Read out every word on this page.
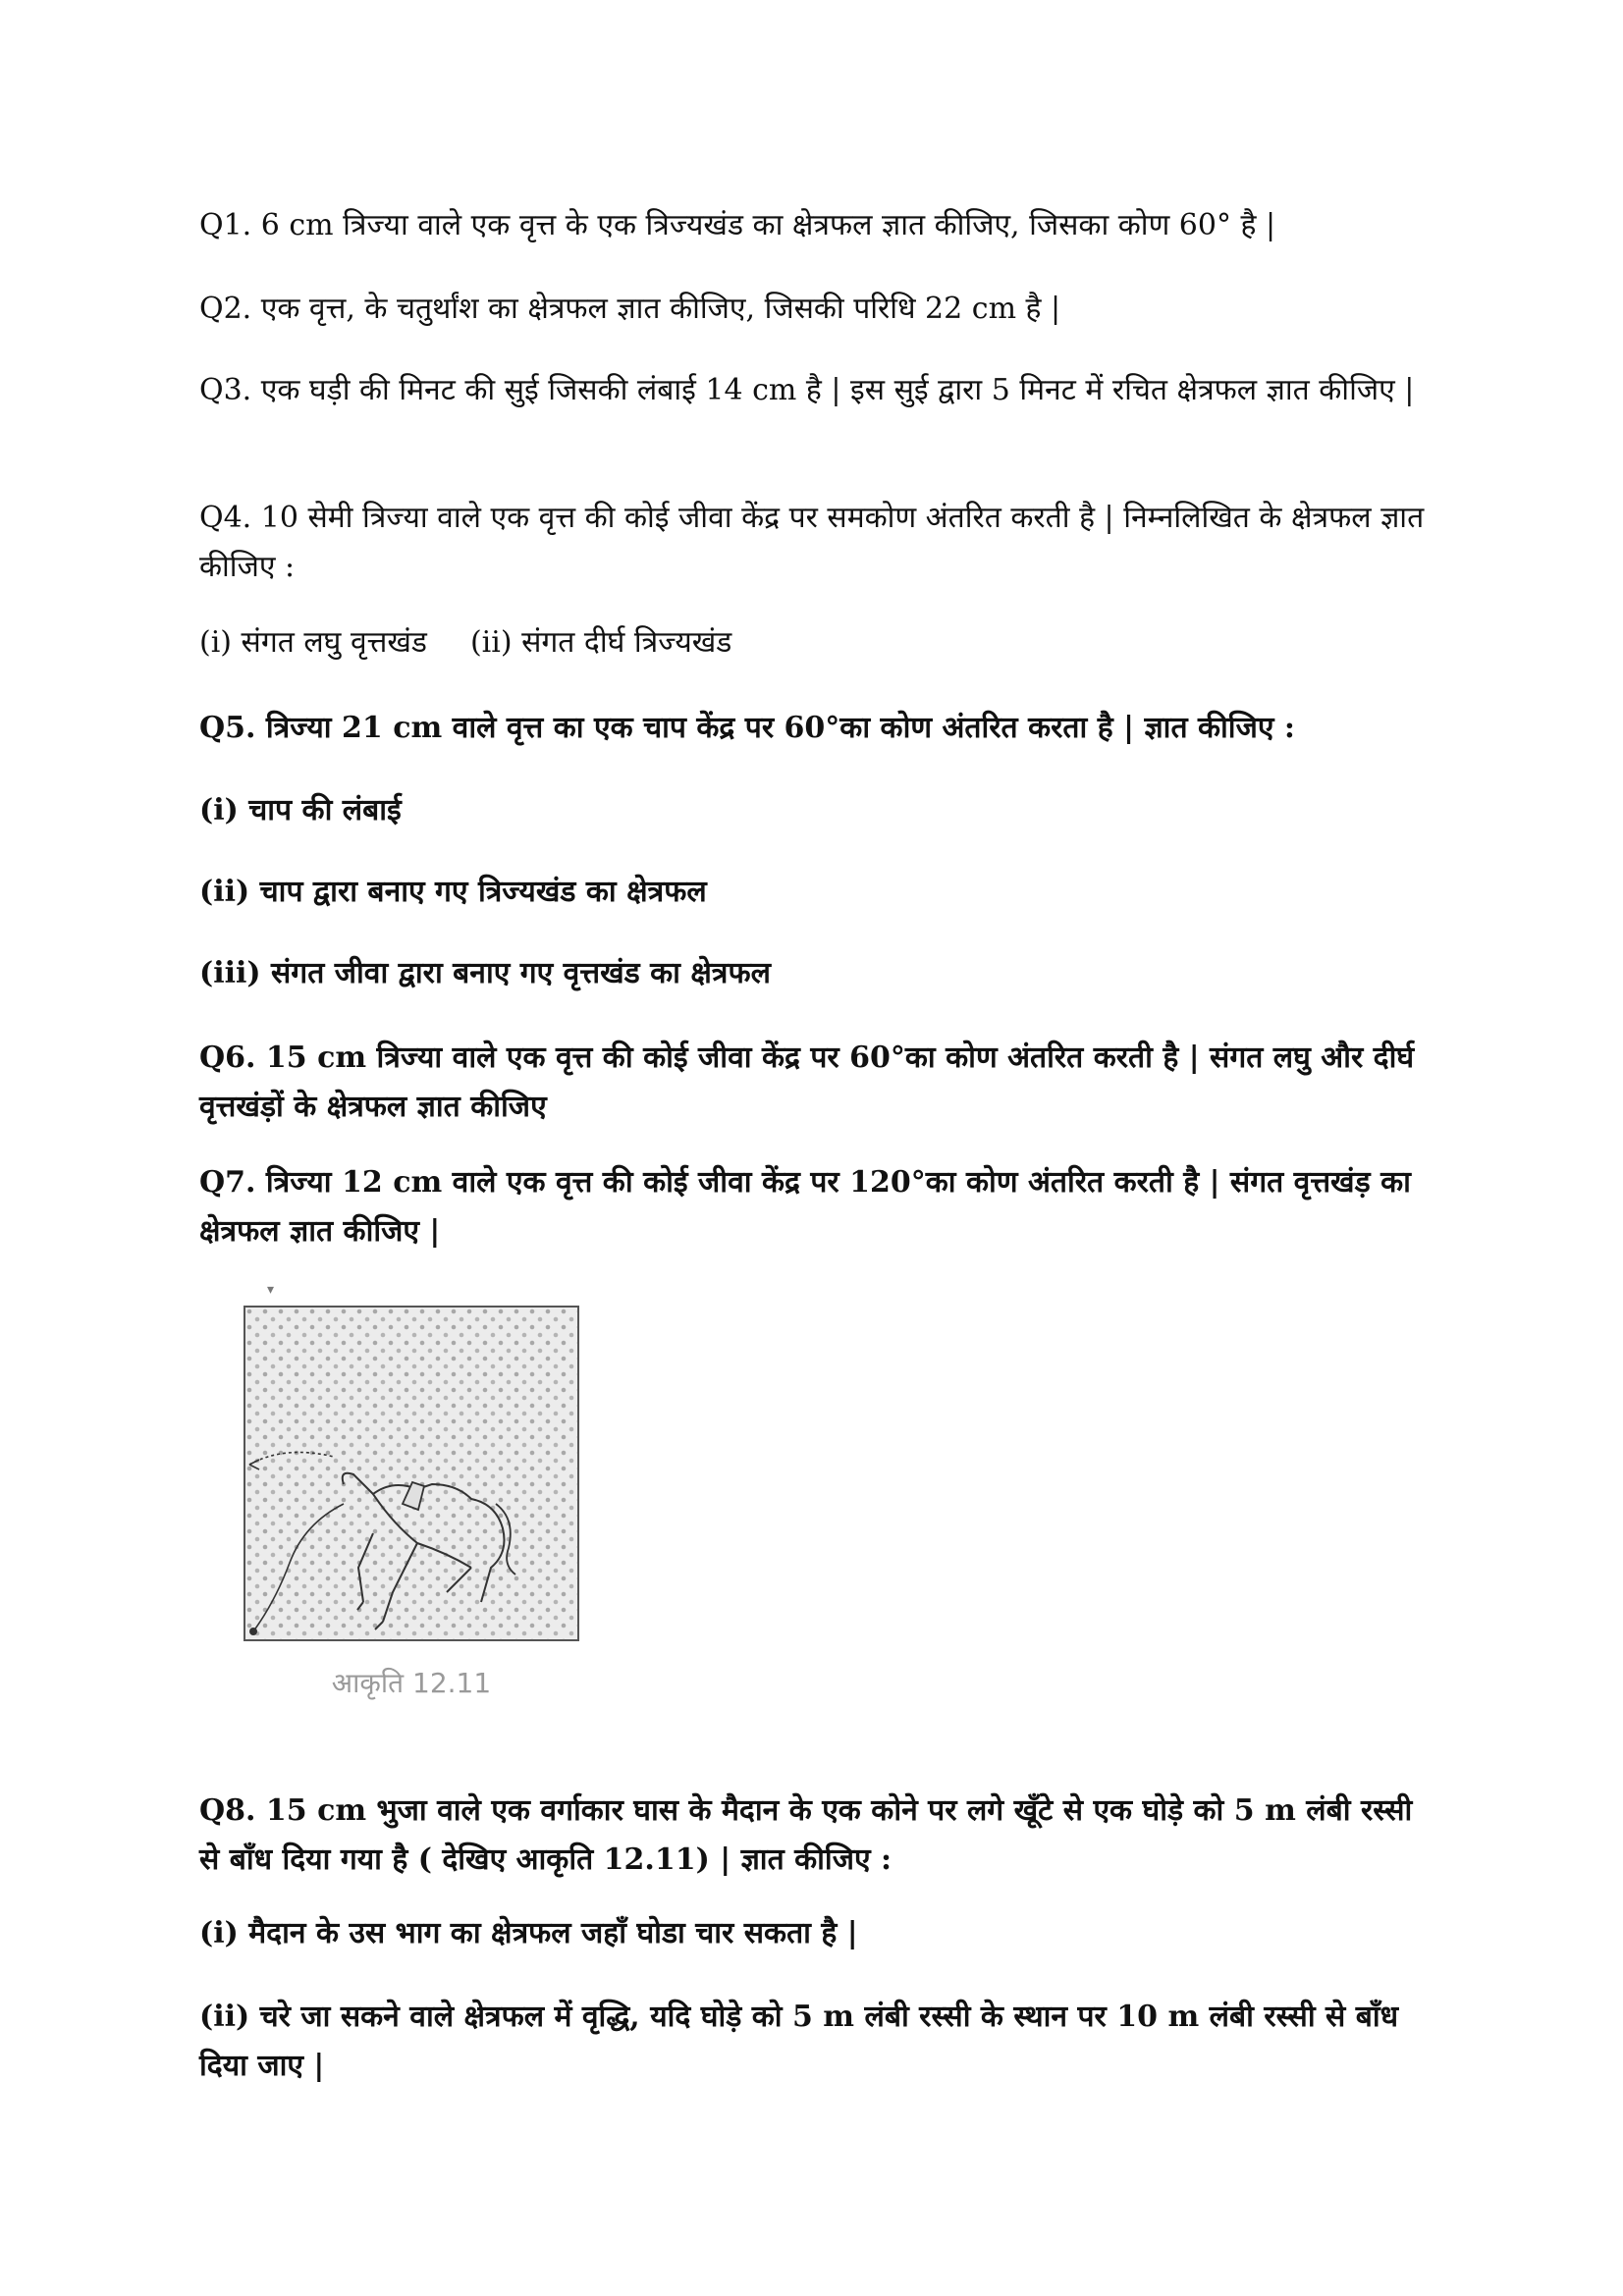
Q1. 6 cm त्रिज्या वाले एक वृत्त के एक त्रिज्यखंड का क्षेत्रफल ज्ञात कीजिए, जिसका कोण 60° है |

Q2. एक वृत्त, के चतुर्थांश का क्षेत्रफल ज्ञात कीजिए, जिसकी परिधि 22 cm है |

Q3. एक घड़ी की मिनट की सुई जिसकी लंबाई 14 cm है | इस सुई द्वारा 5 मिनट में रचित क्षेत्रफल ज्ञात कीजिए |

Q4. 10 सेमी त्रिज्या वाले एक वृत्त की कोई जीवा केंद्र पर समकोण अंतरित करती है | निम्नलिखित के क्षेत्रफल ज्ञात कीजिए :

(i) संगत लघु वृत्तखंड (ii) संगत दीर्घ त्रिज्यखंड

Q5. त्रिज्या 21 cm वाले वृत्त का एक चाप केंद्र पर 60°का कोण अंतरित करता है | ज्ञात कीजिए :

(i) चाप की लंबाई

(ii) चाप द्वारा बनाए गए त्रिज्यखंड का क्षेत्रफल

(iii) संगत जीवा द्वारा बनाए गए वृत्तखंड का क्षेत्रफल

Q6. 15 cm त्रिज्या वाले एक वृत्त की कोई जीवा केंद्र पर 60°का कोण अंतरित करती है | संगत लघु और दीर्घ वृत्तखंड़ों के क्षेत्रफल ज्ञात कीजिए

Q7. त्रिज्या 12 cm वाले एक वृत्त की कोई जीवा केंद्र पर 120°का कोण अंतरित करती है | संगत वृत्तखंड़ का क्षेत्रफल ज्ञात कीजिए |

▾
आकृति 12.11

Q8. 15 cm भुजा वाले एक वर्गाकार घास के मैदान के एक कोने पर लगे खूँटे से एक घोड़े को 5 m लंबी रस्सी से बाँध दिया गया है ( देखिए आकृति 12.11) | ज्ञात कीजिए :

(i) मैदान के उस भाग का क्षेत्रफल जहाँ घोडा चार सकता है |

(ii) चरे जा सकने वाले क्षेत्रफल में वृद्धि, यदि घोड़े को 5 m लंबी रस्सी के स्थान पर 10 m लंबी रस्सी से बाँध दिया जाए |
